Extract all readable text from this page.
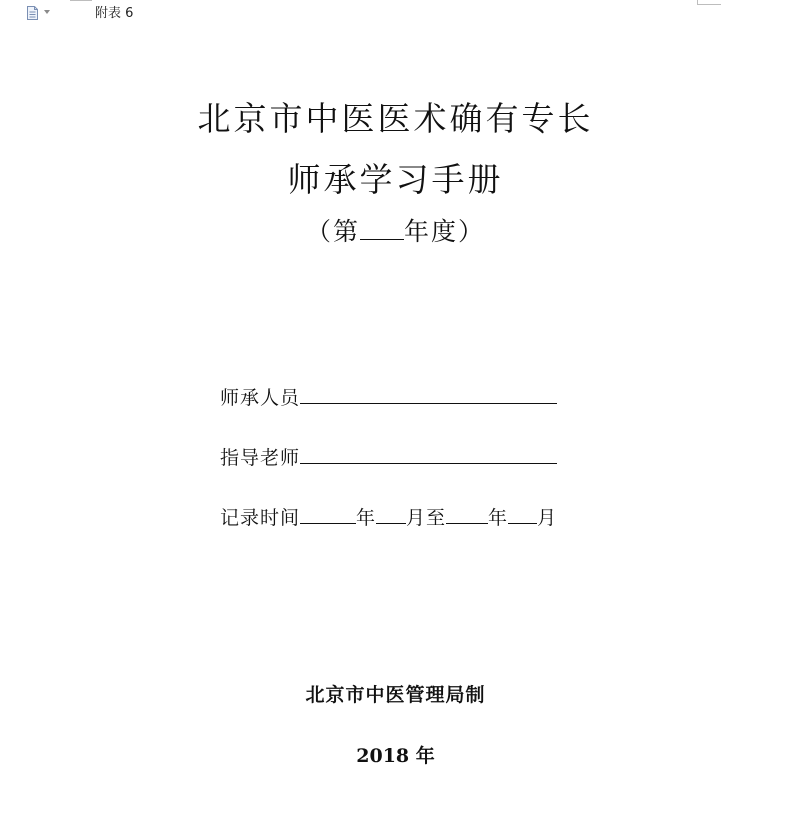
附表 6
北京市中医医术确有专长
师承学习手册
（第 年度）
师承人员
指导老师
记录时间	年 月至 年 月
北京市中医管理局制
2018 年
